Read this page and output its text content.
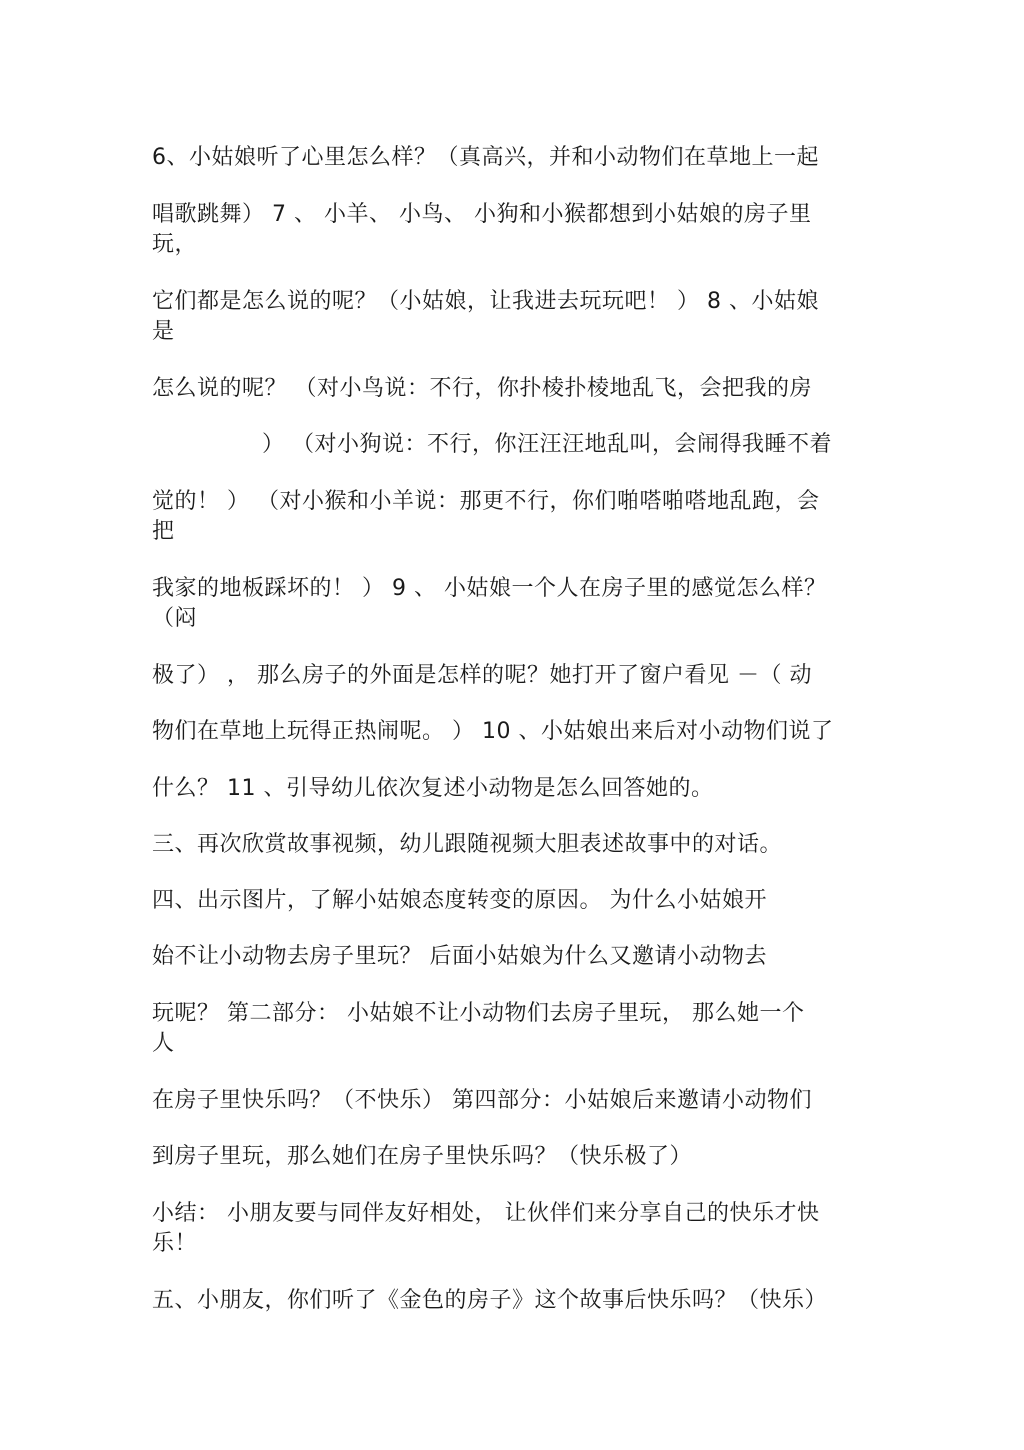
6、小姑娘听了心里怎么样？（真高兴，并和小动物们在草地上一起
唱歌跳舞） 7 、 小羊、 小鸟、 小狗和小猴都想到小姑娘的房子里
玩，
它们都是怎么说的呢？（小姑娘，让我进去玩玩吧！ ） 8 、小姑娘
是
怎么说的呢？ （对小鸟说：不行，你扑棱扑棱地乱飞，会把我的房
） （对小狗说：不行，你汪汪汪地乱叫，会闹得我睡不着
觉的！ ） （对小猴和小羊说：那更不行，你们啪嗒啪嗒地乱跑，会
把
我家的地板踩坏的！ ） 9 、 小姑娘一个人在房子里的感觉怎么样？
（闷
极了） ， 那么房子的外面是怎样的呢？她打开了窗户看见 －（ 动
物们在草地上玩得正热闹呢。 ） 10 、小姑娘出来后对小动物们说了
什么？ 11 、引导幼儿依次复述小动物是怎么回答她的。
三、再次欣赏故事视频，幼儿跟随视频大胆表述故事中的对话。
四、出示图片，了解小姑娘态度转变的原因。 为什么小姑娘开
始不让小动物去房子里玩？ 后面小姑娘为什么又邀请小动物去
玩呢？ 第二部分： 小姑娘不让小动物们去房子里玩， 那么她一个
人
在房子里快乐吗？（不快乐） 第四部分：小姑娘后来邀请小动物们
到房子里玩，那么她们在房子里快乐吗？（快乐极了）
小结： 小朋友要与同伴友好相处， 让伙伴们来分享自己的快乐才快
乐！
五、小朋友，你们听了《金色的房子》这个故事后快乐吗？（快乐）
